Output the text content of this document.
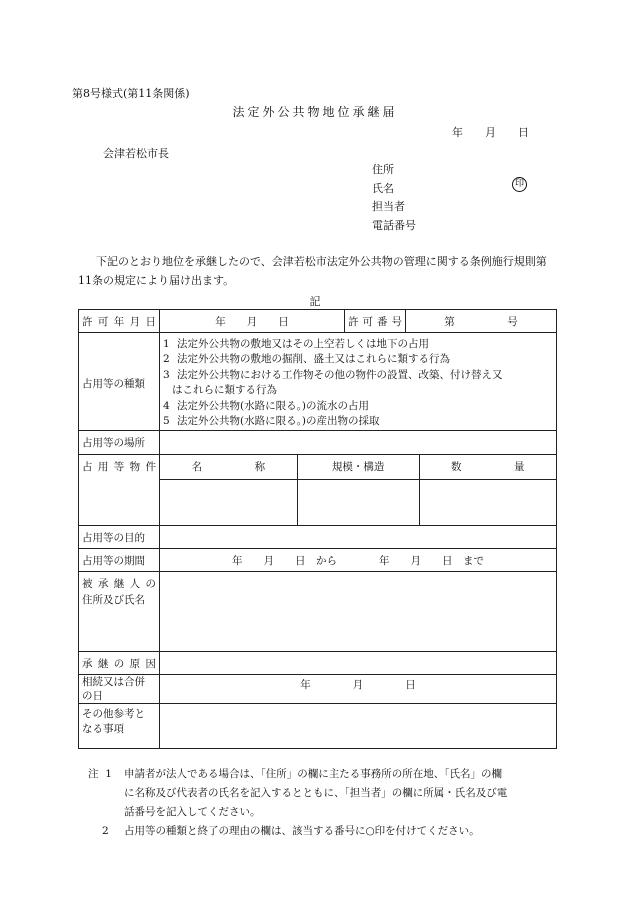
第8号様式(第11条関係)
法定外公共物地位承継届
年　　月　　日
会津若松市長
住所
氏名	印
担当者
電話番号
下記のとおり地位を承継したので、会津若松市法定外公共物の管理に関する条例施行規則第11条の規定により届け出ます。
記
許可年月日	年　　月　　日	許可番号	第　　　　　号
占用等の種類	
1 法定外公共物の敷地又はその上空若しくは地下の占用
2 法定外公共物の敷地の掘削、盛土又はこれらに類する行為
3 法定外公共物における工作物その他の物件の設置、改築、付け替え又
はこれらに類する行為
4 法定外公共物(水路に限る。)の流水の占用
5 法定外公共物(水路に限る。)の産出物の採取

占用等の場所	
占用等物件		名　　　　　称	規模・構造	数　　　　　量

占用等の目的	
占用等の期間	年　　月　　日　から　　　　年　　月　　日　まで

被承継人の
住所及び氏名

承継の原因	

相続又は合併
の日
	年　　　　月　　　　日

その他参考と
なる事項

注 1 申請者が法人である場合は、「住所」の欄に主たる事務所の所在地、「氏名」の欄
に名称及び代表者の氏名を記入するとともに、「担当者」の欄に所属・氏名及び電
話番号を記入してください。
2 占用等の種類と終了の理由の欄は、該当する番号に○印を付けてください。
